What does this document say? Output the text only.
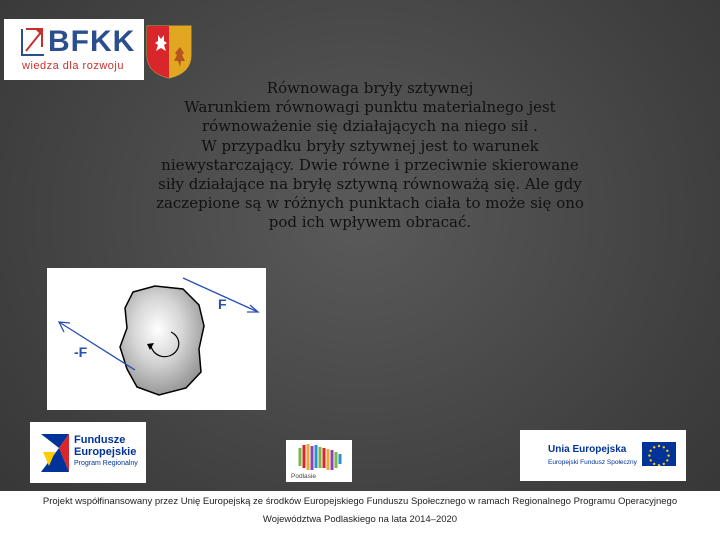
BFKK
wiedza dla rozwoju
Równowaga bryły sztywnej
Warunkiem równowagi punktu materialnego jest
równoważenie się działających na niego sił .
W przypadku bryły sztywnej jest to warunek
niewystarczający. Dwie równe i przeciwnie skierowane
siły działające na bryłę sztywną równoważą się. Ale gdy
zaczepione są w różnych punktach ciała to może się ono
pod ich wpływem obracać.
F
-F
Fundusze
Europejskie
Program Regionalny
Podlasie
Unia Europejska
Europejski Fundusz Społeczny
Projekt współfinansowany przez Unię Europejską ze środków Europejskiego Funduszu Społecznego w ramach Regionalnego Programu Operacyjnego
Województwa Podlaskiego na lata 2014–2020
